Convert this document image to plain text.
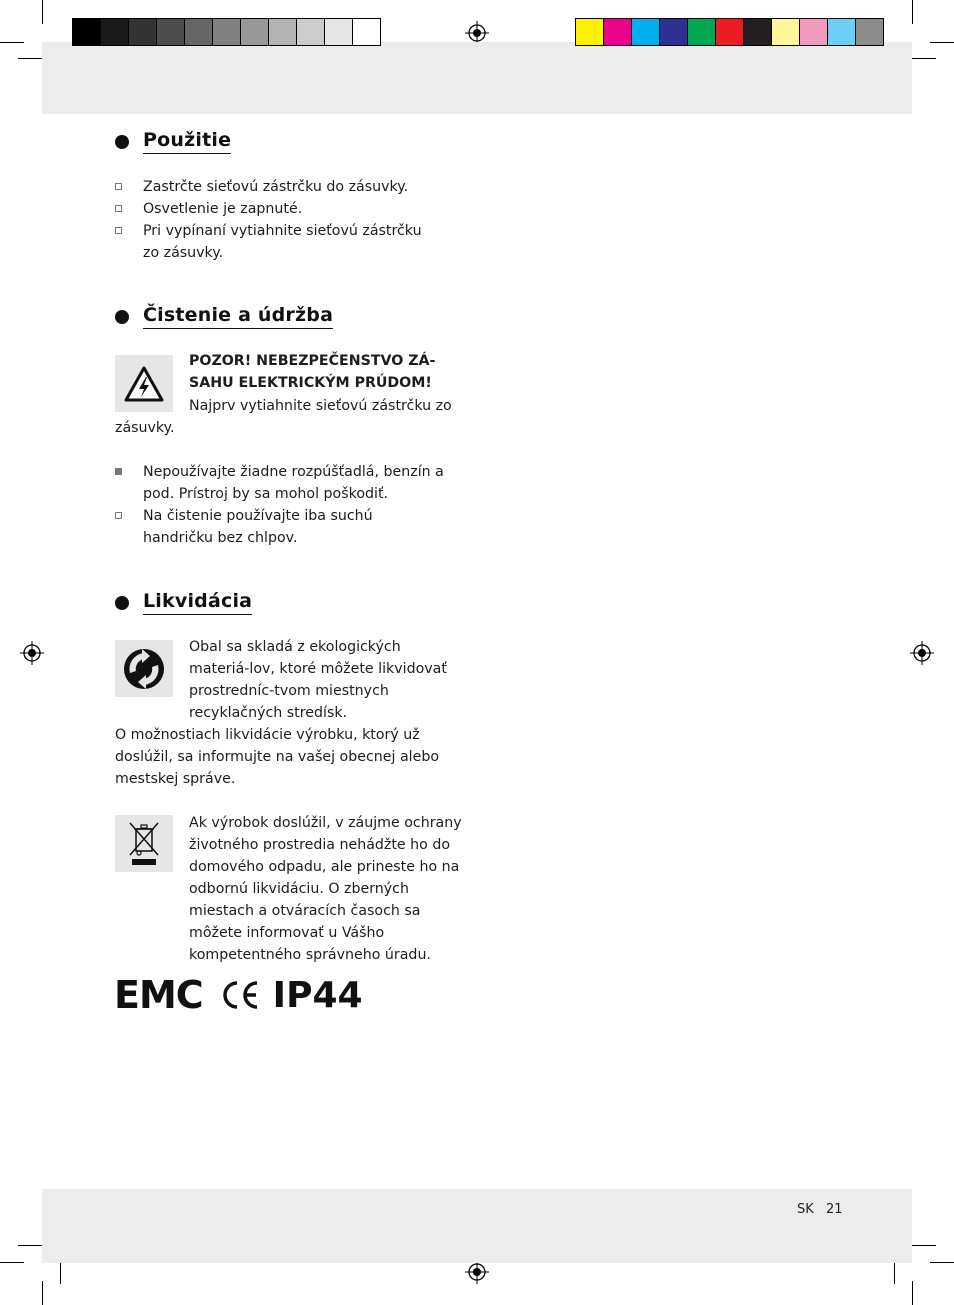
Použitie
Zastrčte sieťovú zástrčku do zásuvky.
Osvetlenie je zapnuté.
Pri vypínaní vytiahnite sieťovú zástrčku zo zásuvky.
Čistenie a údržba
POZOR! NEBEZPEČENSTVO ZÁ-
SAHU ELEKTRICKÝM PRÚDOM!
Najprv vytiahnite sieťovú zástrčku zo
zásuvky.
Nepoužívajte žiadne rozpúšťadlá, benzín a pod. Prístroj by sa mohol poškodiť.
Na čistenie používajte iba suchú handričku bez chlpov.
Likvidácia
Obal sa skladá z ekologických materiá-lov, ktoré môžete likvidovať prostredníc-tvom miestnych recyklačných stredísk.
O možnostiach likvidácie výrobku, ktorý už doslúžil, sa informujte na vašej obecnej alebo mestskej správe.
Ak výrobok doslúžil, v záujme ochrany životného prostredia nehádžte ho do domového odpadu, ale prineste ho na odbornú likvidáciu. O zberných miestach a otváracích časoch sa môžete informovať u Vášho kompetentného správneho úradu.
EMC IP44
SK 21
